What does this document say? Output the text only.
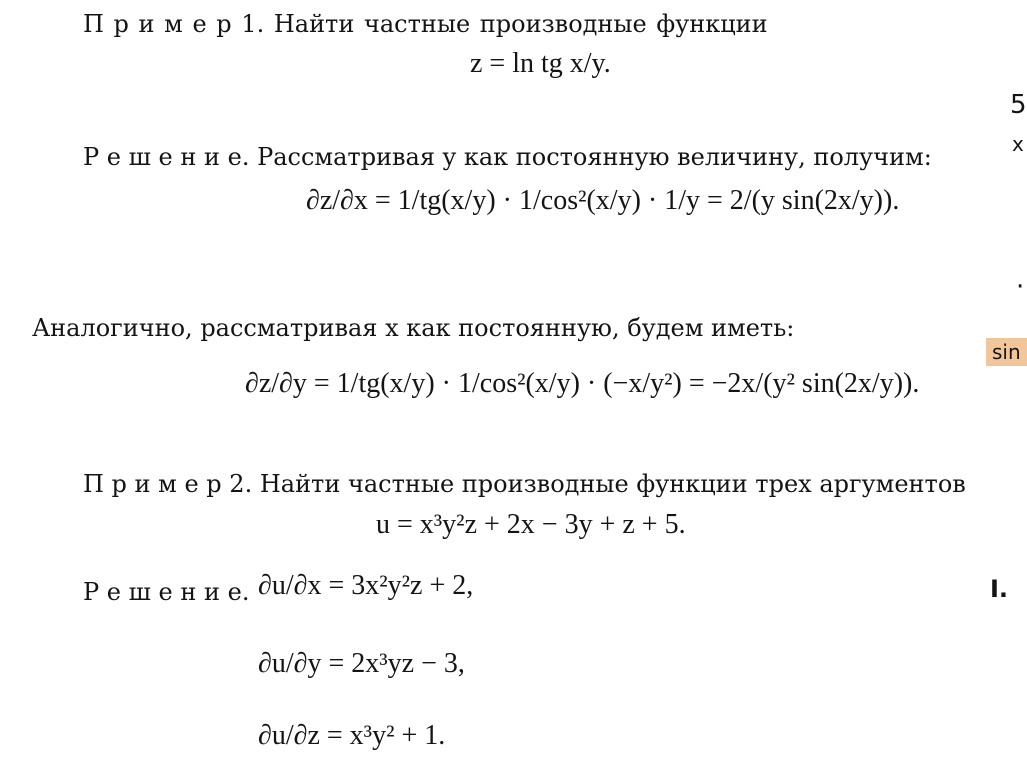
П р и м е р 1. Найти частные производные функции
z = ln tg x/y.
Р е ш е н и е. Рассматривая y как постоянную величину, получим:
∂z/∂x = 1/tg(x/y) · 1/cos²(x/y) · 1/y = 2/(y sin(2x/y)).
Аналогично, рассматривая x как постоянную, будем иметь:
∂z/∂y = 1/tg(x/y) · 1/cos²(x/y) · (−x/y²) = −2x/(y² sin(2x/y)).
П р и м е р 2. Найти частные производные функции трех аргументов
u = x³y²z + 2x − 3y + z + 5.
Р е ш е н и е. ∂u/∂x = 3x²y²z + 2,
∂u/∂y = 2x³yz − 3,
∂u/∂z = x³y² + 1.
5
x
·
sin
I.
